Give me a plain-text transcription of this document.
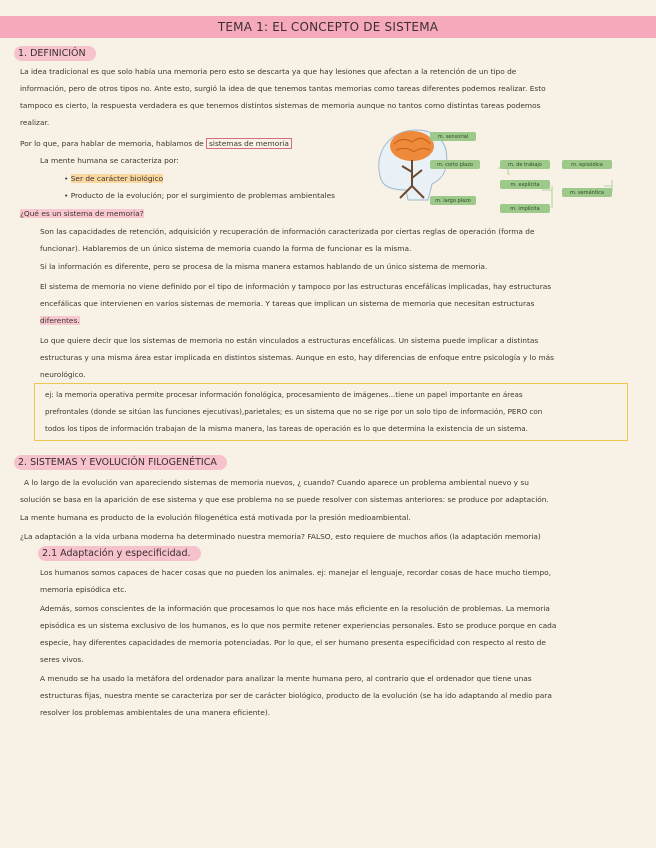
TEMA 1: EL CONCEPTO DE SISTEMA
1. DEFINICIÓN
La idea tradicional es que solo había una memoria pero esto se descarta ya que hay lesiones que afectan a la retención de un tipo de
información, pero de otros tipos no. Ante esto, surgió la idea de que tenemos tantas memorias como tareas diferentes podemos realizar. Esto
tampoco es cierto, la respuesta verdadera es que tenemos distintos sistemas de memoria aunque no tantos como distintas tareas podemos
realizar.
Por lo que, para hablar de memoria, hablamos de sistemas de memoria
La mente humana se caracteriza por:
• Ser de carácter biológico
• Producto de la evolución; por el surgimiento de problemas ambientales
m. sensorial
m. corto plazo	m. de trabajo	m. episódica
m. explícita
m. semántica
m. largo plazo
m. implícita
¿Qué es un sistema de memoria?
Son las capacidades de retención, adquisición y recuperación de información caracterizada por ciertas reglas de operación (forma de
funcionar). Hablaremos de un único sistema de memoria cuando la forma de funcionar es la misma.
Si la información es diferente, pero se procesa de la misma manera estamos hablando de un único sistema de memoria.
El sistema de memoria no viene definido por el tipo de información y tampoco por las estructuras encefálicas implicadas, hay estructuras
encefálicas que intervienen en varios sistemas de memoria. Y tareas que implican un sistema de memoria que necesitan estructuras
diferentes.
Lo que quiere decir que los sistemas de memoria no están vinculados a estructuras encefálicas. Un sistema puede implicar a distintas
estructuras y una misma área estar implicada en distintos sistemas. Aunque en esto, hay diferencias de enfoque entre psicología y lo más
neurológico.
ej: la memoria operativa permite procesar información fonológica, procesamiento de imágenes...tiene un papel importante en áreas
prefrontales (donde se sitúan las funciones ejecutivas),parietales; es un sistema que no se rige por un solo tipo de información, PERO con
todos los tipos de información trabajan de la misma manera, las tareas de operación es lo que determina la existencia de un sistema.
2. SISTEMAS Y EVOLUCIÓN FILOGENÉTICA
A lo largo de la evolución van apareciendo sistemas de memoria nuevos, ¿ cuando? Cuando aparece un problema ambiental nuevo y su
solución se basa en la aparición de ese sistema y que ese problema no se puede resolver con sistemas anteriores: se produce por adaptación.
La mente humana es producto de la evolución filogenética está motivada por la presión medioambiental.
¿La adaptación a la vida urbana moderna ha determinado nuestra memoria? FALSO, esto requiere de muchos años (la adaptación memoria)
2.1 Adaptación y especificidad.
Los humanos somos capaces de hacer cosas que no pueden los animales. ej: manejar el lenguaje, recordar cosas de hace mucho tiempo,
memoria episódica etc.
Además, somos conscientes de la información que procesamos lo que nos hace más eficiente en la resolución de problemas. La memoria
episódica es un sistema exclusivo de los humanos, es lo que nos permite retener experiencias personales. Esto se produce porque en cada
especie, hay diferentes capacidades de memoria potenciadas. Por lo que, el ser humano presenta especificidad con respecto al resto de
seres vivos.
A menudo se ha usado la metáfora del ordenador para analizar la mente humana pero, al contrario que el ordenador que tiene unas
estructuras fijas, nuestra mente se caracteriza por ser de carácter biológico, producto de la evolución (se ha ido adaptando al medio para
resolver los problemas ambientales de una manera eficiente).
